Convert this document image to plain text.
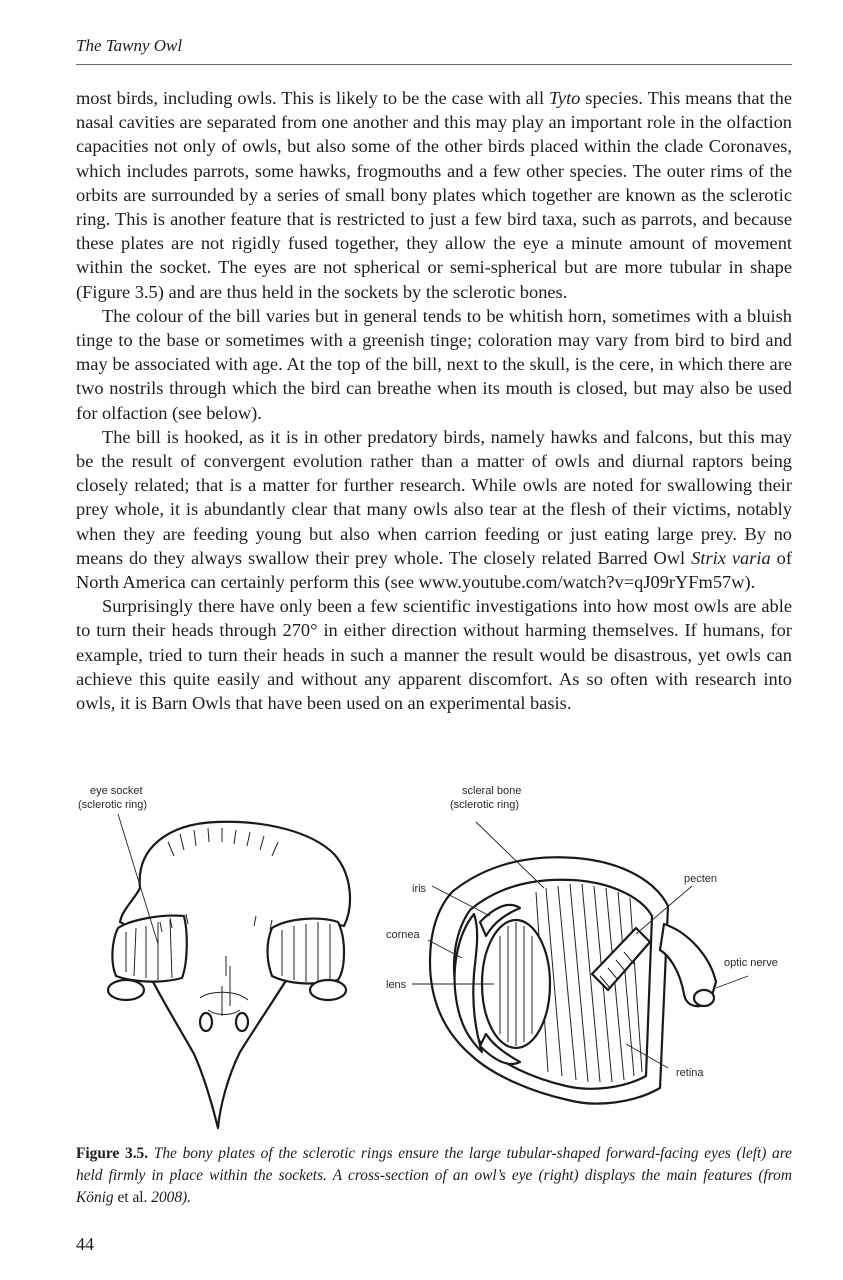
The Tawny Owl

most birds, including owls. This is likely to be the case with all Tyto species. This means that the nasal cavities are separated from one another and this may play an important role in the olfaction capacities not only of owls, but also some of the other birds placed within the clade Coronaves, which includes parrots, some hawks, frogmouths and a few other species. The outer rims of the orbits are surrounded by a series of small bony plates which together are known as the sclerotic ring. This is another feature that is restricted to just a few bird taxa, such as parrots, and because these plates are not rigidly fused together, they allow the eye a minute amount of movement within the socket. The eyes are not spherical or semi-spherical but are more tubular in shape (Figure 3.5) and are thus held in the sockets by the sclerotic bones.

The colour of the bill varies but in general tends to be whitish horn, sometimes with a bluish tinge to the base or sometimes with a greenish tinge; coloration may vary from bird to bird and may be associated with age. At the top of the bill, next to the skull, is the cere, in which there are two nostrils through which the bird can breathe when its mouth is closed, but may also be used for olfaction (see below).

The bill is hooked, as it is in other predatory birds, namely hawks and falcons, but this may be the result of convergent evolution rather than a matter of owls and diurnal raptors being closely related; that is a matter for further research. While owls are noted for swallowing their prey whole, it is abundantly clear that many owls also tear at the flesh of their victims, notably when they are feeding young but also when carrion feeding or just eating large prey. By no means do they always swallow their prey whole. The closely related Barred Owl Strix varia of North America can certainly perform this (see www.youtube.com/watch?v=qJ09rYFm57w).

Surprisingly there have only been a few scientific investigations into how most owls are able to turn their heads through 270° in either direction without harming themselves. If humans, for example, tried to turn their heads in such a manner the result would be disastrous, yet owls can achieve this quite easily and without any apparent discomfort. As so often with research into owls, it is Barn Owls that have been used on an experimental basis.

eye socket
(sclerotic ring)
scleral bone
(sclerotic ring)
iris
cornea
lens
pecten
optic nerve
retina
Figure 3.5. The bony plates of the sclerotic rings ensure the large tubular-shaped forward-facing eyes (left) are held firmly in place within the sockets. A cross-section of an owl’s eye (right) displays the main features (from König et al. 2008).
44
